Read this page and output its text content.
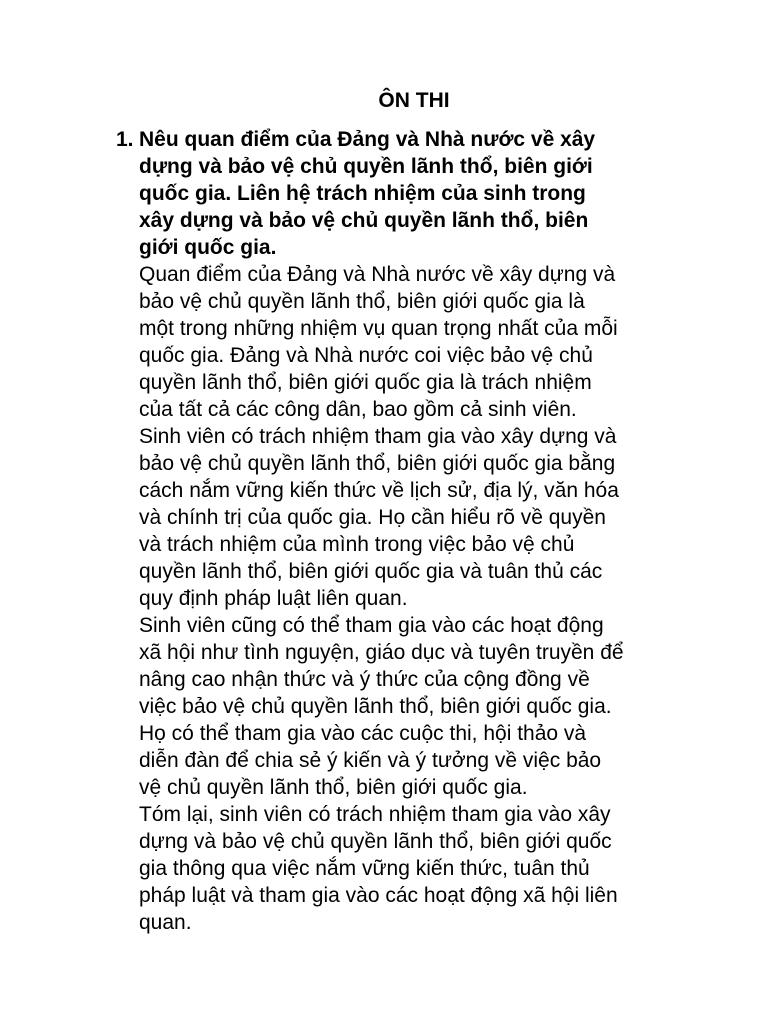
ÔN THI
1. Nêu quan điểm của Đảng và Nhà nước về xây
dựng và bảo vệ chủ quyền lãnh thổ, biên giới
quốc gia. Liên hệ trách nhiệm của sinh trong
xây dựng và bảo vệ chủ quyền lãnh thổ, biên
giới quốc gia.
Quan điểm của Đảng và Nhà nước về xây dựng và
bảo vệ chủ quyền lãnh thổ, biên giới quốc gia là
một trong những nhiệm vụ quan trọng nhất của mỗi
quốc gia. Đảng và Nhà nước coi việc bảo vệ chủ
quyền lãnh thổ, biên giới quốc gia là trách nhiệm
của tất cả các công dân, bao gồm cả sinh viên.
Sinh viên có trách nhiệm tham gia vào xây dựng và
bảo vệ chủ quyền lãnh thổ, biên giới quốc gia bằng
cách nắm vững kiến thức về lịch sử, địa lý, văn hóa
và chính trị của quốc gia. Họ cần hiểu rõ về quyền
và trách nhiệm của mình trong việc bảo vệ chủ
quyền lãnh thổ, biên giới quốc gia và tuân thủ các
quy định pháp luật liên quan.
Sinh viên cũng có thể tham gia vào các hoạt động
xã hội như tình nguyện, giáo dục và tuyên truyền để
nâng cao nhận thức và ý thức của cộng đồng về
việc bảo vệ chủ quyền lãnh thổ, biên giới quốc gia.
Họ có thể tham gia vào các cuộc thi, hội thảo và
diễn đàn để chia sẻ ý kiến và ý tưởng về việc bảo
vệ chủ quyền lãnh thổ, biên giới quốc gia.
Tóm lại, sinh viên có trách nhiệm tham gia vào xây
dựng và bảo vệ chủ quyền lãnh thổ, biên giới quốc
gia thông qua việc nắm vững kiến thức, tuân thủ
pháp luật và tham gia vào các hoạt động xã hội liên
quan.
